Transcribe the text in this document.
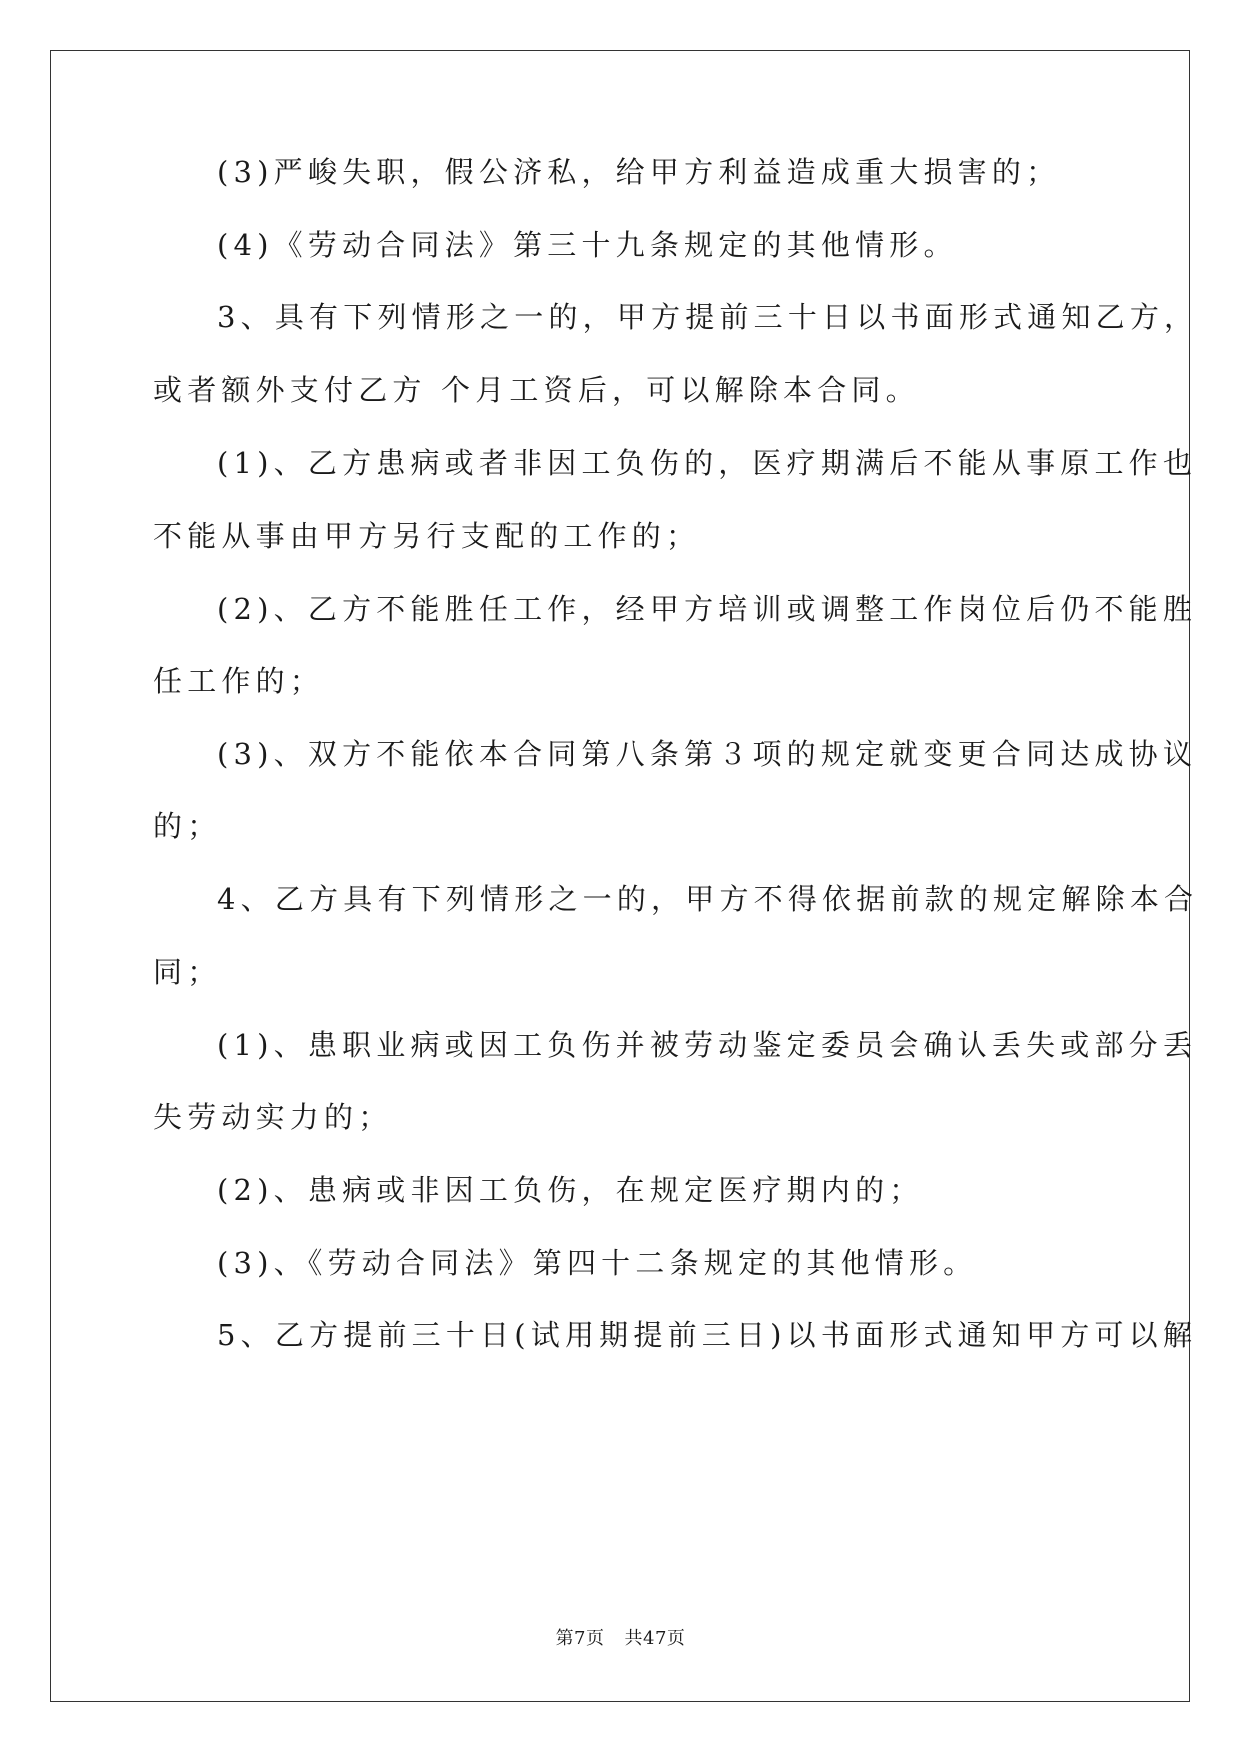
(3)严峻失职，假公济私，给甲方利益造成重大损害的；
(4)《劳动合同法》第三十九条规定的其他情形。
3、具有下列情形之一的，甲方提前三十日以书面形式通知乙方，
或者额外支付乙方 个月工资后，可以解除本合同。
(1)、乙方患病或者非因工负伤的，医疗期满后不能从事原工作也
不能从事由甲方另行支配的工作的；
(2)、乙方不能胜任工作，经甲方培训或调整工作岗位后仍不能胜
任工作的；
(3)、双方不能依本合同第八条第３项的规定就变更合同达成协议
的；
4、乙方具有下列情形之一的，甲方不得依据前款的规定解除本合
同；
(1)、患职业病或因工负伤并被劳动鉴定委员会确认丢失或部分丢
失劳动实力的；
(2)、患病或非因工负伤，在规定医疗期内的；
(3)、《劳动合同法》第四十二条规定的其他情形。
5、乙方提前三十日(试用期提前三日)以书面形式通知甲方可以解
第7页 共47页
